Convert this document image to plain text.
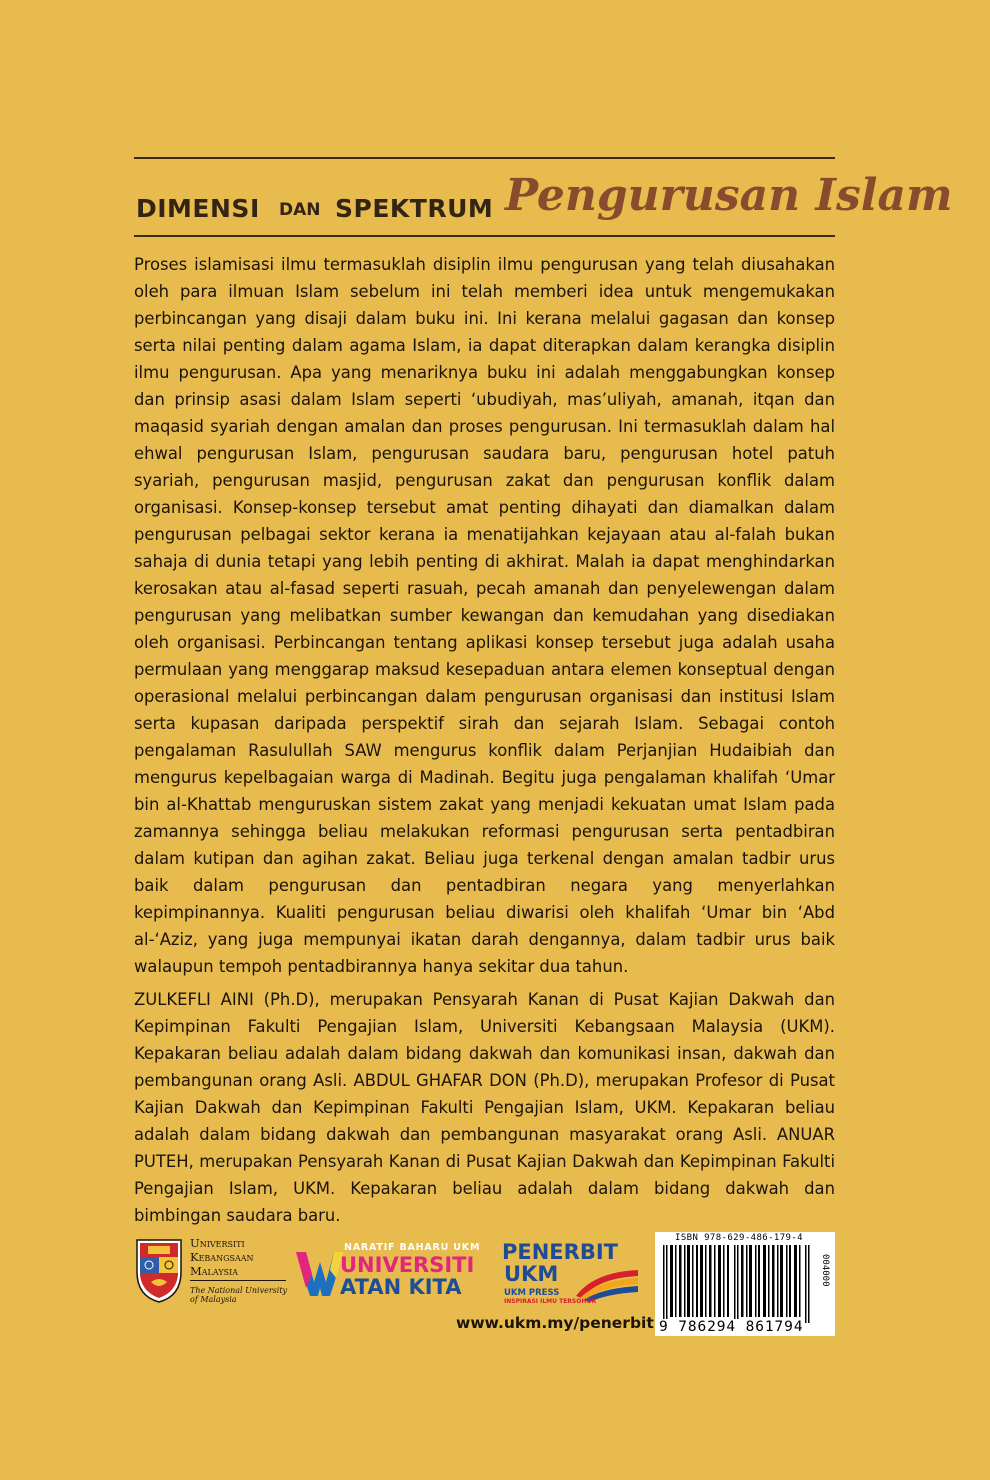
DIMENSI DAN SPEKTRUM Pengurusan Islam

Proses islamisasi ilmu termasuklah disiplin ilmu pengurusan yang telah diusahakan oleh para ilmuan Islam sebelum ini telah memberi idea untuk mengemukakan perbincangan yang disaji dalam buku ini. Ini kerana melalui gagasan dan konsep serta nilai penting dalam agama Islam, ia dapat diterapkan dalam kerangka disiplin ilmu pengurusan. Apa yang menariknya buku ini adalah menggabungkan konsep dan prinsip asasi dalam Islam seperti ‘ubudiyah, mas’uliyah, amanah, itqan dan maqasid syariah dengan amalan dan proses pengurusan. Ini termasuklah dalam hal ehwal pengurusan Islam, pengurusan saudara baru, pengurusan hotel patuh syariah, pengurusan masjid, pengurusan zakat dan pengurusan konflik dalam organisasi. Konsep-konsep tersebut amat penting dihayati dan diamalkan dalam pengurusan pelbagai sektor kerana ia menatijahkan kejayaan atau al-falah bukan sahaja di dunia tetapi yang lebih penting di akhirat. Malah ia dapat menghindarkan kerosakan atau al-fasad seperti rasuah, pecah amanah dan penyelewengan dalam pengurusan yang melibatkan sumber kewangan dan kemudahan yang disediakan oleh organisasi. Perbincangan tentang aplikasi konsep tersebut juga adalah usaha permulaan yang menggarap maksud kesepaduan antara elemen konseptual dengan operasional melalui perbincangan dalam pengurusan organisasi dan institusi Islam serta kupasan daripada perspektif sirah dan sejarah Islam. Sebagai contoh pengalaman Rasulullah SAW mengurus konflik dalam Perjanjian Hudaibiah dan mengurus kepelbagaian warga di Madinah. Begitu juga pengalaman khalifah ‘Umar bin al-Khattab menguruskan sistem zakat yang menjadi kekuatan umat Islam pada zamannya sehingga beliau melakukan reformasi pengurusan serta pentadbiran dalam kutipan dan agihan zakat. Beliau juga terkenal dengan amalan tadbir urus baik dalam pengurusan dan pentadbiran negara yang menyerlahkan kepimpinannya. Kualiti pengurusan beliau diwarisi oleh khalifah ‘Umar bin ‘Abd al-‘Aziz, yang juga mempunyai ikatan darah dengannya, dalam tadbir urus baik walaupun tempoh pentadbirannya hanya sekitar dua tahun.

ZULKEFLI AINI (Ph.D), merupakan Pensyarah Kanan di Pusat Kajian Dakwah dan Kepimpinan Fakulti Pengajian Islam, Universiti Kebangsaan Malaysia (UKM). Kepakaran beliau adalah dalam bidang dakwah dan komunikasi insan, dakwah dan pembangunan orang Asli. ABDUL GHAFAR DON (Ph.D), merupakan Profesor di Pusat Kajian Dakwah dan Kepimpinan Fakulti Pengajian Islam, UKM. Kepakaran beliau adalah dalam bidang dakwah dan pembangunan masyarakat orang Asli. ANUAR PUTEH, merupakan Pensyarah Kanan di Pusat Kajian Dakwah dan Kepimpinan Fakulti Pengajian Islam, UKM. Kepakaran beliau adalah dalam bidang dakwah dan bimbingan saudara baru.

Universiti
Kebangsaan
Malaysia
The National University of Malaysia
NARATIF BAHARU UKM
UNIVERSITI
ATAN KITA
PENERBIT
UKM
UKM PRESS
INSPIRASI ILMU TERSOHOR
www.ukm.my/penerbit
ISBN 978-629-486-179-4
9 786294 861794
004000
